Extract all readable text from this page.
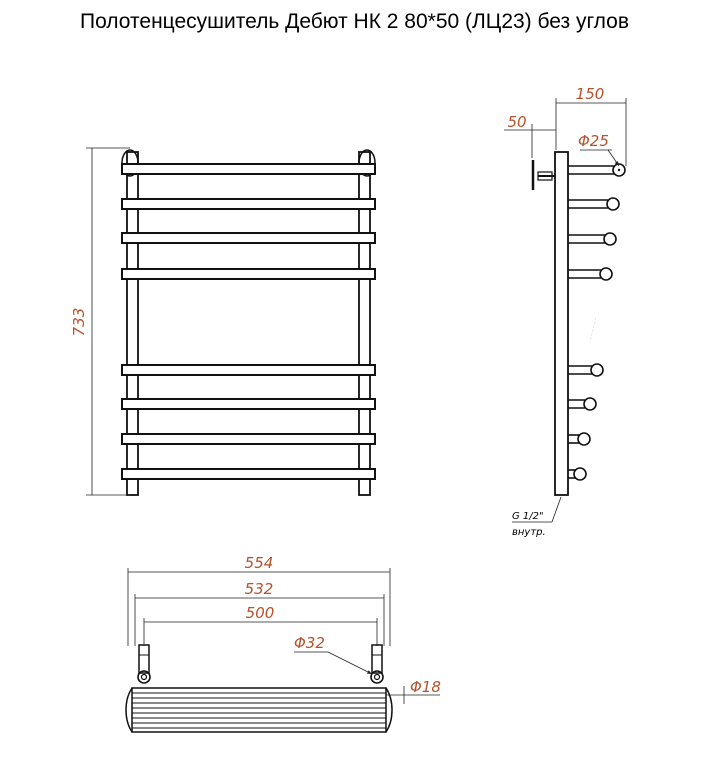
Полотенцесушитель Дебют НК 2 80*50 (ЛЦ23) без углов
733
150
50
Φ25
G 1/2"
внутр.
554
532
500
Φ32
Φ18
